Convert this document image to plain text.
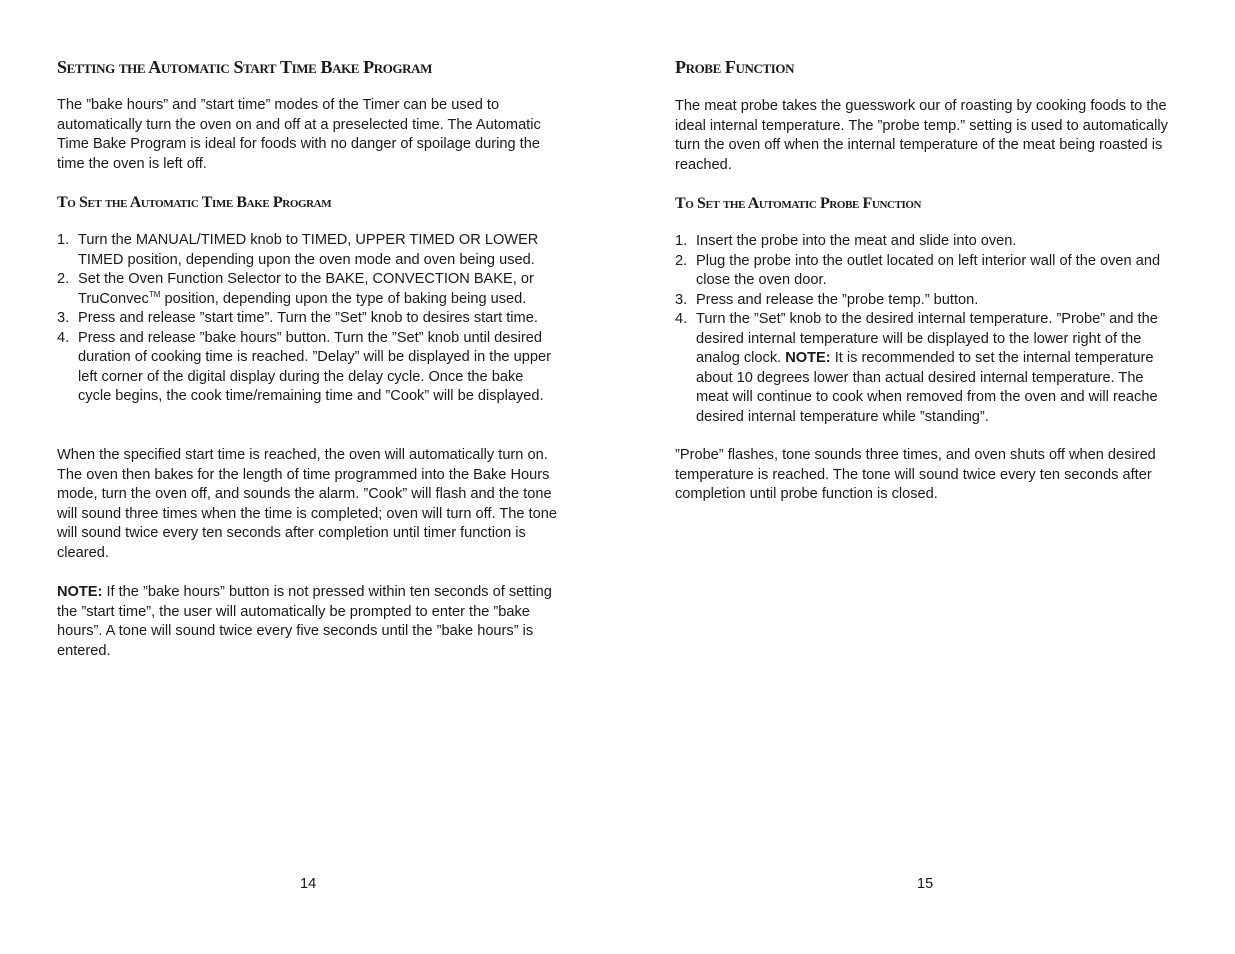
Setting the Automatic Start Time Bake Program

The ”bake hours” and ”start time” modes of the Timer can be used to automatically turn the oven on and off at a preselected time. The Automatic Time Bake Program is ideal for foods with no danger of spoilage during the time the oven is left off.

To Set the Automatic Time Bake Program
1. Turn the MANUAL/TIMED knob to TIMED, UPPER TIMED OR LOWER TIMED position, depending upon the oven mode and oven being used.
2. Set the Oven Function Selector to the BAKE, CONVECTION BAKE, or TruConvec™ position, depending upon the type of baking being used.
3. Press and release ”start time”. Turn the ”Set” knob to desires start time.
4. Press and release ”bake hours” button. Turn the ”Set” knob until desired duration of cooking time is reached. ”Delay” will be displayed in the upper left corner of the digital display during the delay cycle. Once the bake cycle begins, the cook time/remaining time and ”Cook” will be displayed.

When the specified start time is reached, the oven will automatically turn on. The oven then bakes for the length of time programmed into the Bake Hours mode, turn the oven off, and sounds the alarm. ”Cook” will flash and the tone will sound three times when the time is completed; oven will turn off. The tone will sound twice every ten seconds after completion until timer function is cleared.

NOTE: If the ”bake hours” button is not pressed within ten seconds of setting the ”start time”, the user will automatically be prompted to enter the ”bake hours”. A tone will sound twice every five seconds until the ”bake hours” is entered.

14
Probe Function

The meat probe takes the guesswork our of roasting by cooking foods to the ideal internal temperature. The ”probe temp.” setting is used to automatically turn the oven off when the internal temperature of the meat being roasted is reached.

To Set the Automatic Probe Function
1. Insert the probe into the meat and slide into oven.
2. Plug the probe into the outlet located on left interior wall of the oven and close the oven door.
3. Press and release the ”probe temp.” button.
4. Turn the ”Set” knob to the desired internal temperature. ”Probe” and the desired internal temperature will be displayed to the lower right of the analog clock. NOTE: It is recommended to set the internal temperature about 10 degrees lower than actual desired internal temperature. The meat will continue to cook when removed from the oven and will reache desired internal temperature while ”standing”.

”Probe” flashes, tone sounds three times, and oven shuts off when desired temperature is reached. The tone will sound twice every ten seconds after completion until probe function is closed.

15
